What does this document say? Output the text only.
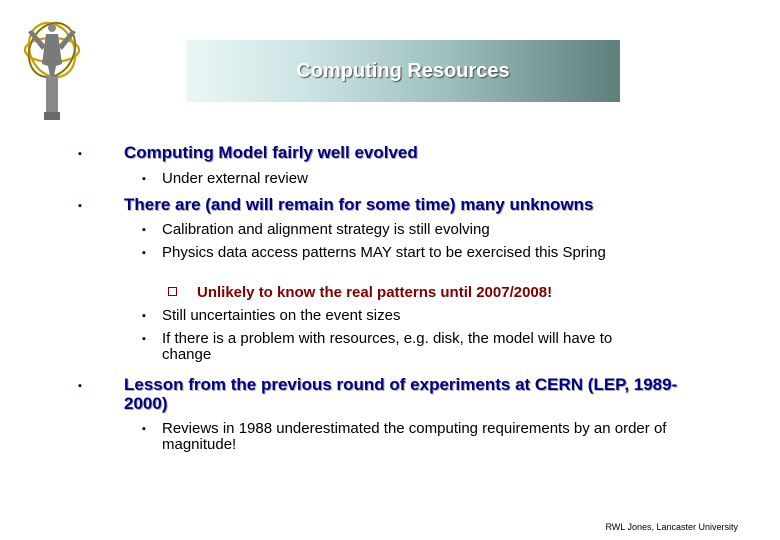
Computing Resources
▪ Computing Model fairly well evolved
▪	Under external review
▪ There are (and will remain for some time) many unknowns
▪	Calibration and alignment strategy is still evolving
▪	Physics data access patterns MAY start to be exercised this Spring
Unlikely to know the real patterns until 2007/2008!
▪	Still uncertainties on the event sizes
▪	If there is a problem with resources, e.g. disk, the model will have to change
▪ Lesson from the previous round of experiments at CERN (LEP, 1989-2000)
▪	Reviews in 1988 underestimated the computing requirements by an order of magnitude!
RWL Jones, Lancaster University
